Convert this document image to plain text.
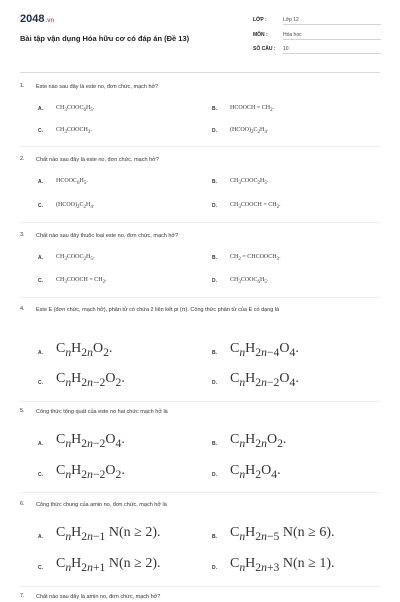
2048.vn
Bài tập vận dụng Hóa hữu cơ có đáp án (Đề 13)
LỚP :	Lớp 12
MÔN :	Hóa học
SỐ CÂU :	10
1.	Este nào sau đây là este no, đơn chức, mạch hở?
A. $CH_3COOC_6H_5$.	B. HCOOCH = $CH_2$.
C. $CH_3COOCH_3$.	D. $(HCOO)_2C_2H_4$.
2.	Chất nào sau đây là este no, đơn chức, mạch hở?
A. $HCOOC_6H_5$.	B. $CH_3COOC_2H_5$.
C. $(HCOO)_2C_2H_4$.	D. $CH_3COOCH = CH_2$.
3.	Chất nào sau đây thuộc loại este no, đơn chức, mạch hở?
A. $CH_3COOC_2H_5$.	B. $CH_2$ = $CHCOOCH_3$.
C. $CH_3COOCH = CH_2$.	D. $CH_3COOC_6H_5$.
4.	Este E (đơn chức, mạch hở), phân tử có chứa 2 liên kết pi (π). Công thức phân tử của E có dạng là
A. $C_nH_{2n}O_2$.	B. $C_nH_{2n-4}O_4$.
C. $C_nH_{2n-2}O_2$.	D. $C_nH_{2n-2}O_4$.
5.	Công thức tổng quát của este no hai chức mạch hở là
A. $C_nH_{2n-2}O_4$.	B. $C_nH_{2n}O_2$.
C. $C_nH_{2n-2}O_2$.	D. $C_nH_2O_4$.
6.	Công thức chung của amin no, đơn chức, mạch hở là
A. $C_nH_{2n-1}$ N(n ≥ 2).	B. $C_nH_{2n-5}$ N(n ≥ 6).
C. $C_nH_{2n+1}$ N(n ≥ 2).	D. $C_nH_{2n+3}$ N(n ≥ 1).
7.	Chất nào sau đây là amin no, đơn chức, mạch hở?
